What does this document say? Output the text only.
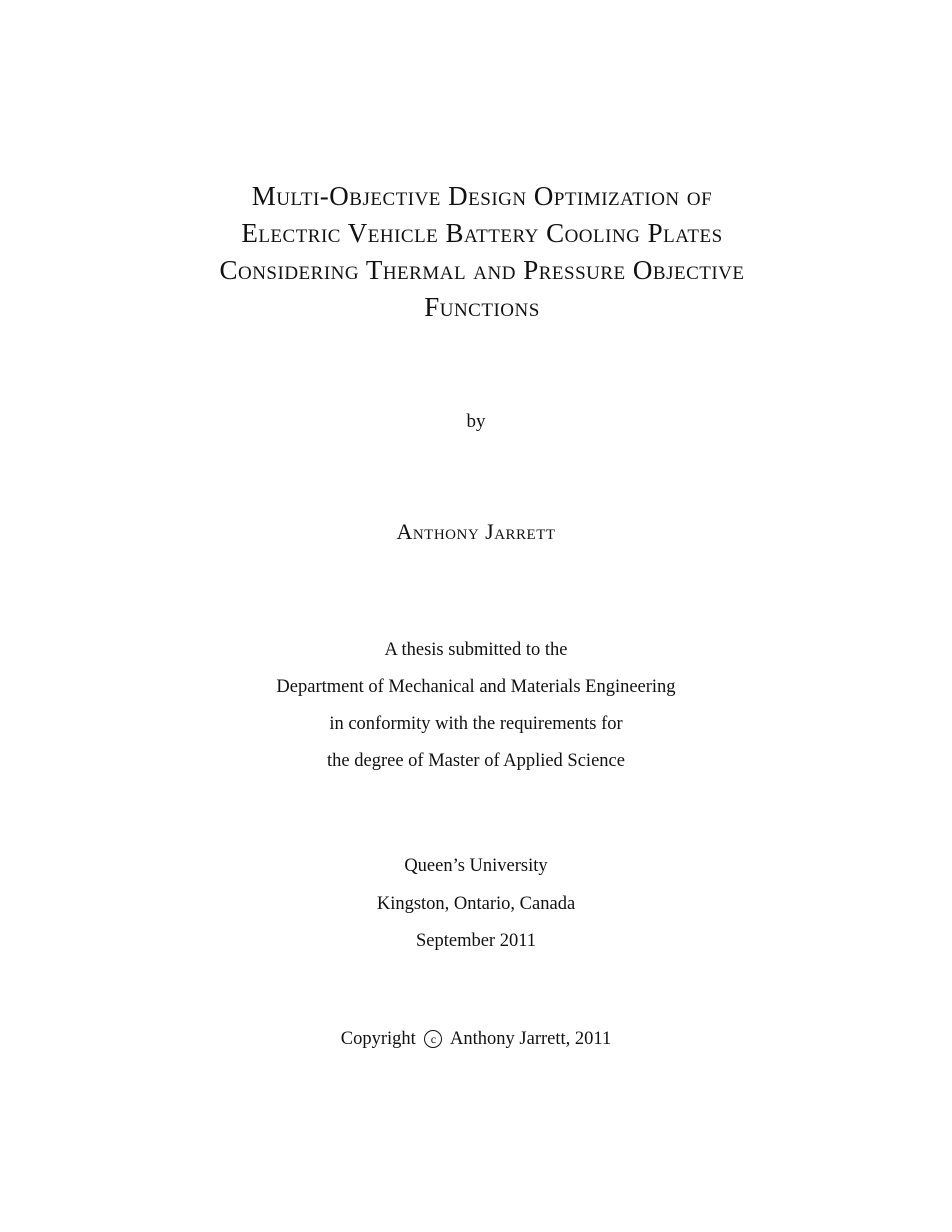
Multi-Objective Design Optimization of
Electric Vehicle Battery Cooling Plates
Considering Thermal and Pressure Objective
Functions
by
Anthony Jarrett
A thesis submitted to the
Department of Mechanical and Materials Engineering
in conformity with the requirements for
the degree of Master of Applied Science
Queen’s University
Kingston, Ontario, Canada
September 2011
Copyright c Anthony Jarrett, 2011
